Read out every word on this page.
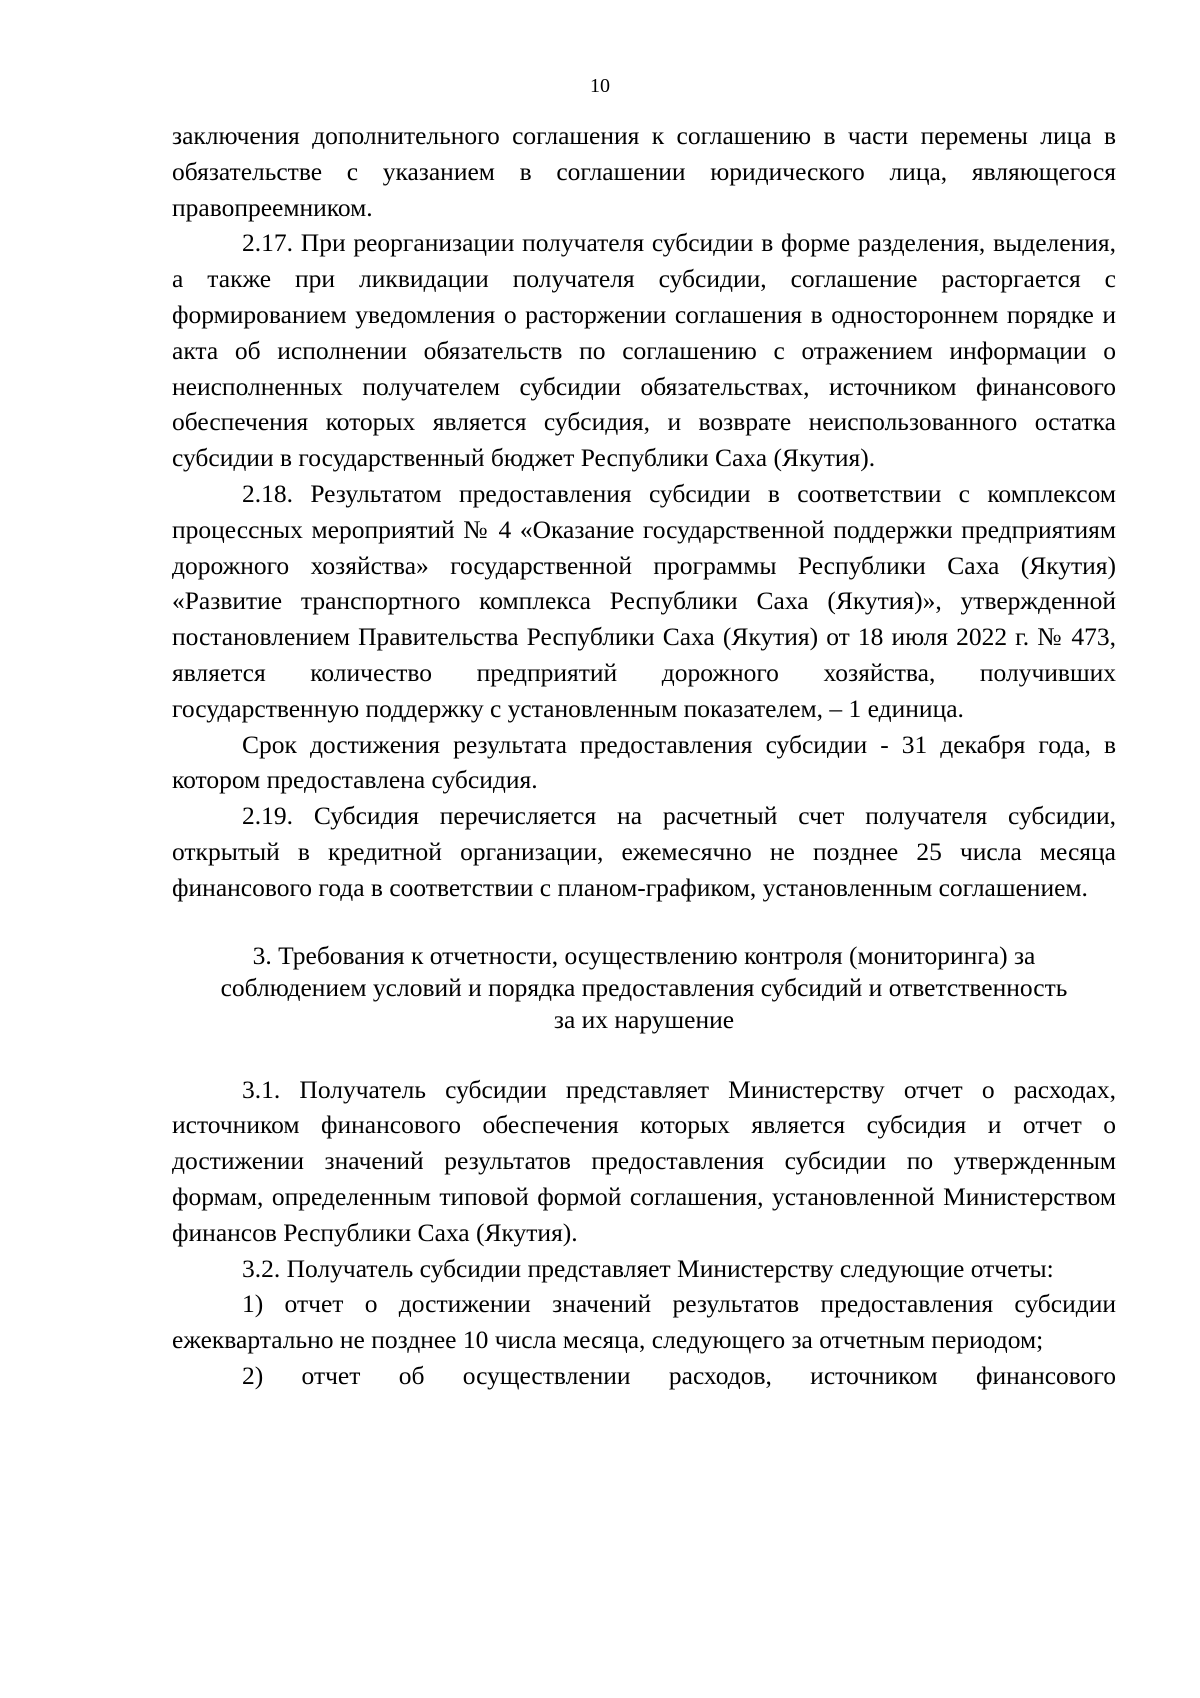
10

заключения дополнительного соглашения к соглашению в части перемены лица в обязательстве с указанием в соглашении юридического лица, являющегося правопреемником.

2.17. При реорганизации получателя субсидии в форме разделения, выделения, а также при ликвидации получателя субсидии, соглашение расторгается с формированием уведомления о расторжении соглашения в одностороннем порядке и акта об исполнении обязательств по соглашению с отражением информации о неисполненных получателем субсидии обязательствах, источником финансового обеспечения которых является субсидия, и возврате неиспользованного остатка субсидии в государственный бюджет Республики Саха (Якутия).

2.18. Результатом предоставления субсидии в соответствии с комплексом процессных мероприятий № 4 «Оказание государственной поддержки предприятиям дорожного хозяйства» государственной программы Республики Саха (Якутия) «Развитие транспортного комплекса Республики Саха (Якутия)», утвержденной постановлением Правительства Республики Саха (Якутия) от 18 июля 2022 г. № 473, является количество предприятий дорожного хозяйства, получивших государственную поддержку с установленным показателем, – 1 единица.

Срок достижения результата предоставления субсидии - 31 декабря года, в котором предоставлена субсидия.

2.19. Субсидия перечисляется на расчетный счет получателя субсидии, открытый в кредитной организации, ежемесячно не позднее 25 числа месяца финансового года в соответствии с планом-графиком, установленным соглашением.

3. Требования к отчетности, осуществлению контроля (мониторинга) за
соблюдением условий и порядка предоставления субсидий и ответственность
за их нарушение

3.1. Получатель субсидии представляет Министерству отчет о расходах, источником финансового обеспечения которых является субсидия и отчет о достижении значений результатов предоставления субсидии по утвержденным формам, определенным типовой формой соглашения, установленной Министерством финансов Республики Саха (Якутия).

3.2. Получатель субсидии представляет Министерству следующие отчеты:

1) отчет о достижении значений результатов предоставления субсидии ежеквартально не позднее 10 числа месяца, следующего за отчетным периодом;

2) отчет об осуществлении расходов, источником финансового
